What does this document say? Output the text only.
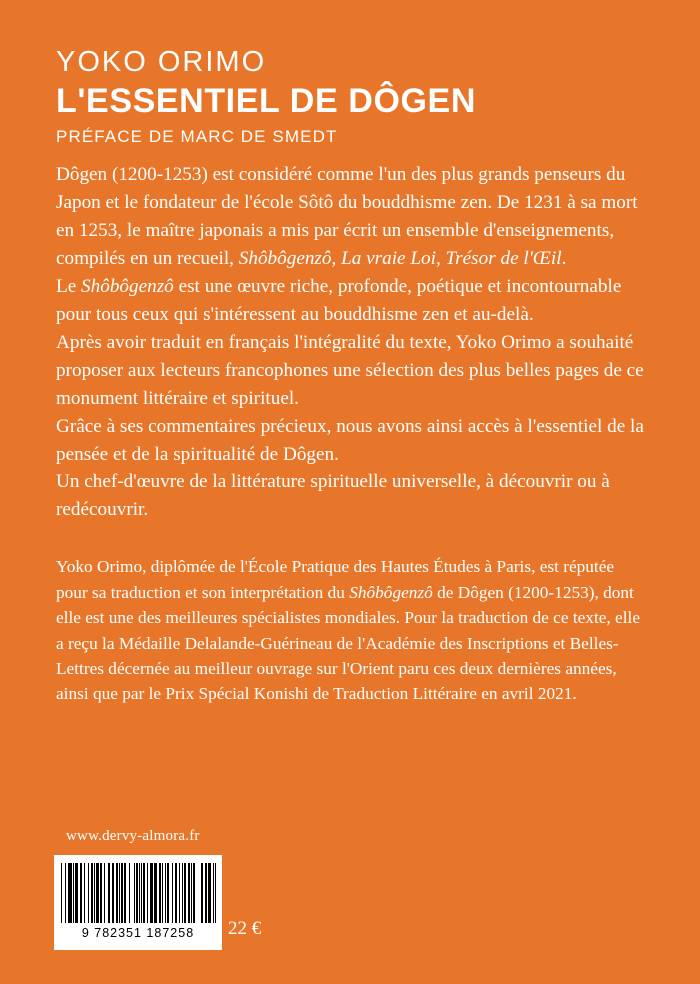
YOKO ORIMO
L'ESSENTIEL DE DÔGEN
PRÉFACE DE MARC DE SMEDT

Dôgen (1200-1253) est considéré comme l'un des plus grands penseurs du Japon et le fondateur de l'école Sôtô du bouddhisme zen. De 1231 à sa mort en 1253, le maître japonais a mis par écrit un ensemble d'enseignements, compilés en un recueil, Shôbôgenzô, La vraie Loi, Trésor de l'Œil.

Le Shôbôgenzô est une œuvre riche, profonde, poétique et incontournable pour tous ceux qui s'intéressent au bouddhisme zen et au-delà.

Après avoir traduit en français l'intégralité du texte, Yoko Orimo a souhaité proposer aux lecteurs francophones une sélection des plus belles pages de ce monument littéraire et spirituel.

Grâce à ses commentaires précieux, nous avons ainsi accès à l'essentiel de la pensée et de la spiritualité de Dôgen.

Un chef-d'œuvre de la littérature spirituelle universelle, à découvrir ou à redécouvrir.

Yoko Orimo, diplômée de l'École Pratique des Hautes Études à Paris, est réputée pour sa traduction et son interprétation du Shôbôgenzô de Dôgen (1200-1253), dont elle est une des meilleures spécialistes mondiales. Pour la traduction de ce texte, elle a reçu la Médaille Delalande-Guérineau de l'Académie des Inscriptions et Belles-Lettres décernée au meilleur ouvrage sur l'Orient paru ces deux dernières années, ainsi que par le Prix Spécial Konishi de Traduction Littéraire en avril 2021.

www.dervy-almora.fr
9 782351 187258	22 €
